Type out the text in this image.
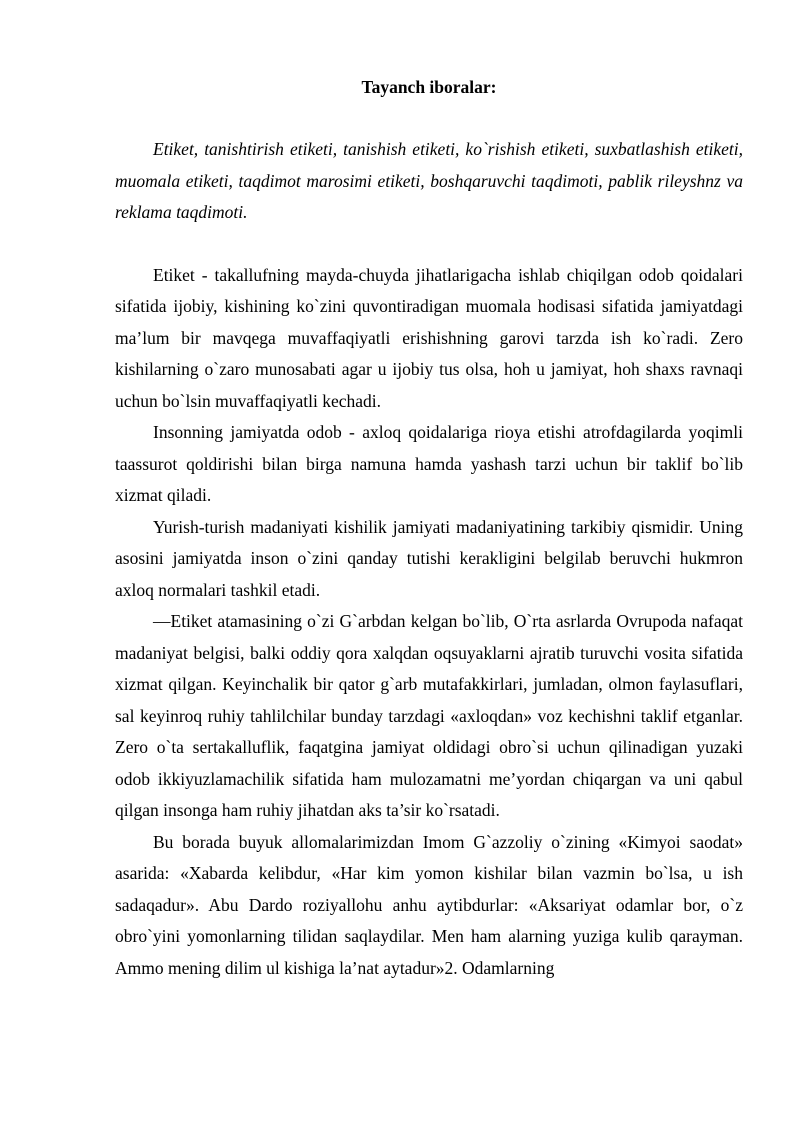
Tayanch iboralar:

Etiket, tanishtirish etiketi, tanishish etiketi, ko`rishish etiketi, suxbatlashish etiketi, muomala etiketi, taqdimot marosimi etiketi, boshqaruvchi taqdimoti, pablik rileyshnz va reklama taqdimoti.

Etiket - takallufning mayda-chuyda jihatlarigacha ishlab chiqilgan odob qoidalari sifatida ijobiy, kishining ko`zini quvontiradigan muomala hodisasi sifatida jamiyatdagi ma’lum bir mavqega muvaffaqiyatli erishishning garovi tarzda ish ko`radi. Zero kishilarning o`zaro munosabati agar u ijobiy tus olsa, hoh u jamiyat, hoh shaxs ravnaqi uchun bo`lsin muvaffaqiyatli kechadi.

Insonning jamiyatda odob - axloq qoidalariga rioya etishi atrofdagilarda yoqimli taassurot qoldirishi bilan birga namuna hamda yashash tarzi uchun bir taklif bo`lib xizmat qiladi.

Yurish-turish madaniyati kishilik jamiyati madaniyatining tarkibiy qismidir. Uning asosini jamiyatda inson o`zini qanday tutishi kerakligini belgilab beruvchi hukmron axloq normalari tashkil etadi.

―Etiket atamasining o`zi G`arbdan kelgan bo`lib, O`rta asrlarda Ovrupoda nafaqat madaniyat belgisi, balki oddiy qora xalqdan oqsuyaklarni ajratib turuvchi vosita sifatida xizmat qilgan. Keyinchalik bir qator g`arb mutafakkirlari, jumladan, olmon faylasuflari, sal keyinroq ruhiy tahlilchilar bunday tarzdagi «axloqdan» voz kechishni taklif etganlar. Zero o`ta sertakalluflik, faqatgina jamiyat oldidagi obro`si uchun qilinadigan yuzaki odob ikkiyuzlamachilik sifatida ham mulozamatni me’yordan chiqargan va uni qabul qilgan insonga ham ruhiy jihatdan aks ta’sir ko`rsatadi.

Bu borada buyuk allomalarimizdan Imom G`azzoliy o`zining «Kimyoi saodat» asarida: «Xabarda kelibdur, «Har kim yomon kishilar bilan vazmin bo`lsa, u ish sadaqadur». Abu Dardo roziyallohu anhu aytibdurlar: «Aksariyat odamlar bor, o`z obro`yini yomonlarning tilidan saqlaydilar. Men ham alarning yuziga kulib qarayman. Ammo mening dilim ul kishiga la’nat aytadur»2. Odamlarning
